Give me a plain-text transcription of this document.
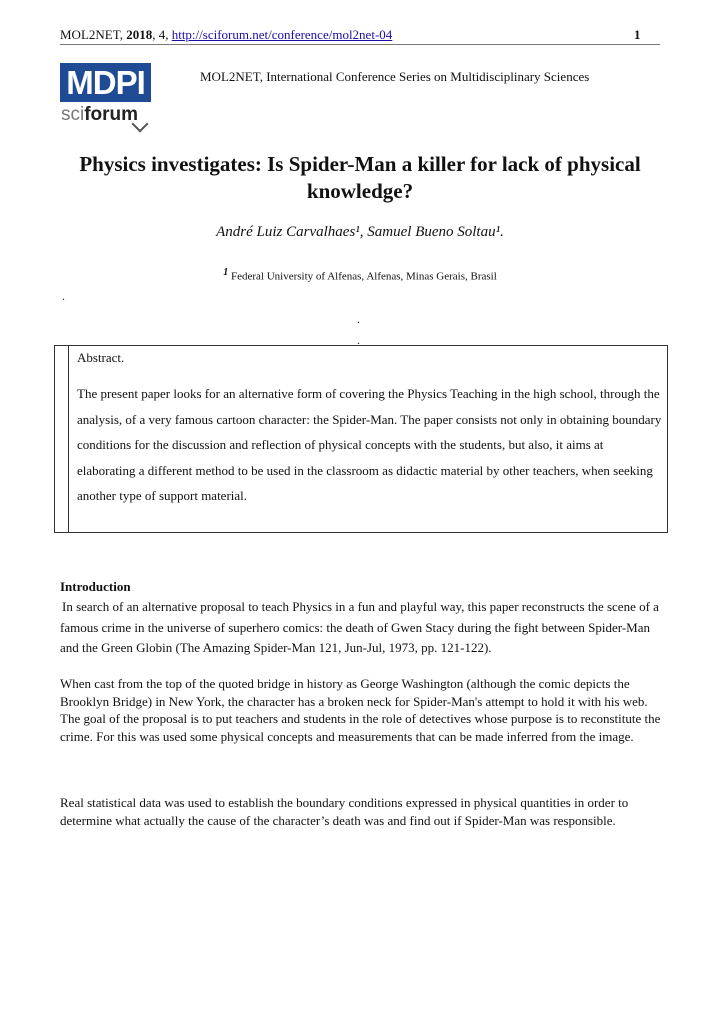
MOL2NET, 2018, 4, http://sciforum.net/conference/mol2net-04	1
MDPI
sciforum
MOL2NET, International Conference Series on Multidisciplinary Sciences
Physics investigates: Is Spider-Man a killer for lack of physical knowledge?
André Luiz Carvalhaes¹, Samuel Bueno Soltau¹.
$^1$ Federal University of Alfenas, Alfenas, Minas Gerais, Brasil
.
.
.
Abstract.
The present paper looks for an alternative form of covering the Physics Teaching in the high school, through the analysis, of a very famous cartoon character: the Spider-Man. The paper consists not only in obtaining boundary conditions for the discussion and reflection of physical concepts with the students, but also, it aims at elaborating a different method to be used in the classroom as didactic material by other teachers, when seeking another type of support material.
Introduction

In search of an alternative proposal to teach Physics in a fun and playful way, this paper reconstructs the scene of a famous crime in the universe of superhero comics: the death of Gwen Stacy during the fight between Spider-Man and the Green Globin (The Amazing Spider-Man 121, Jun-Jul, 1973, pp. 121-122).

When cast from the top of the quoted bridge in history as George Washington (although the comic depicts the Brooklyn Bridge) in New York, the character has a broken neck for Spider-Man's attempt to hold it with his web.

The goal of the proposal is to put teachers and students in the role of detectives whose purpose is to reconstitute the crime. For this was used some physical concepts and measurements that can be made inferred from the image.

Real statistical data was used to establish the boundary conditions expressed in physical quantities in order to determine what actually the cause of the character’s death was and find out if Spider-Man was responsible.
